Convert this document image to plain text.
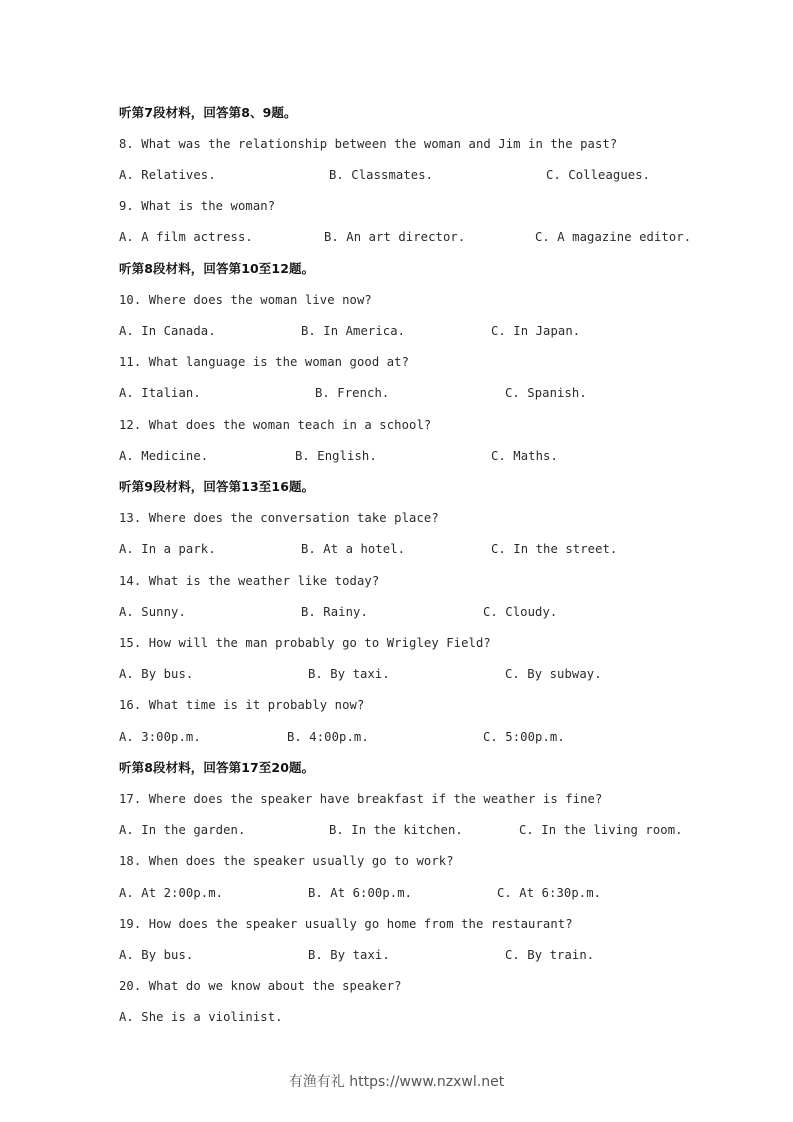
听第7段材料，回答第8、9题。
8. What was the relationship between the woman and Jim in the past?
A. Relatives.	B. Classmates.	C. Colleagues.
9. What is the woman?
A. A film actress.	B. An art director.	C. A magazine editor.
听第8段材料，回答第10至12题。
10. Where does the woman live now?
A. In Canada.	B. In America.	C. In Japan.
11. What language is the woman good at?
A. Italian.	B. French.	C. Spanish.
12. What does the woman teach in a school?
A. Medicine.	B. English.	C. Maths.
听第9段材料，回答第13至16题。
13. Where does the conversation take place?
A. In a park.	B. At a hotel.	C. In the street.
14. What is the weather like today?
A. Sunny.	B. Rainy.	C. Cloudy.
15. How will the man probably go to Wrigley Field?
A. By bus.	B. By taxi.	C. By subway.
16. What time is it probably now?
A. 3:00p.m.	B. 4:00p.m.	C. 5:00p.m.
听第8段材料，回答第17至20题。
17. Where does the speaker have breakfast if the weather is fine?
A. In the garden.	B. In the kitchen.	C. In the living room.
18. When does the speaker usually go to work?
A. At 2:00p.m.	B. At 6:00p.m.	C. At 6:30p.m.
19. How does the speaker usually go home from the restaurant?
A. By bus.	B. By taxi.	C. By train.
20. What do we know about the speaker?
A. She is a violinist.
有渔有礼 https://www.nzxwl.net
